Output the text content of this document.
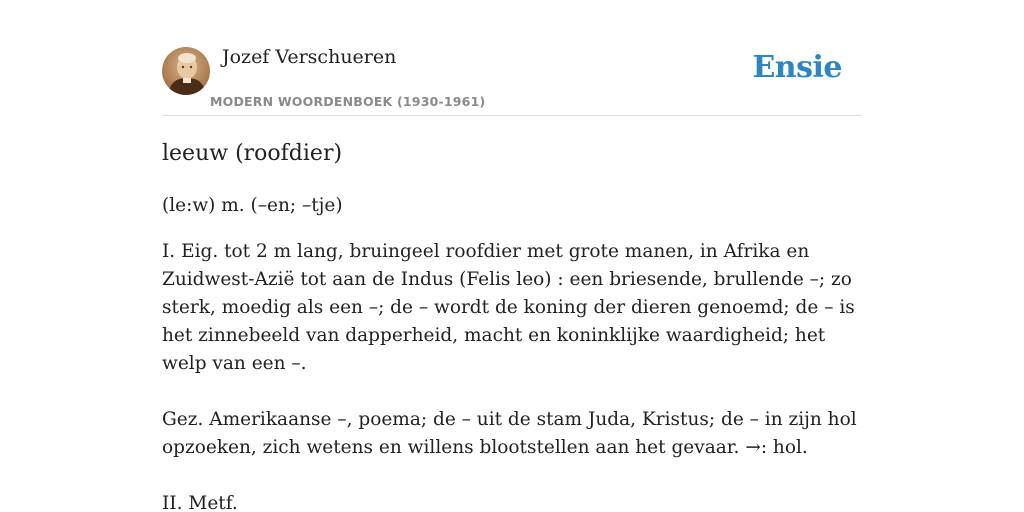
Jozef Verschueren
MODERN WOORDENBOEK (1930-1961)
Ensie
leeuw (roofdier)
(le:w) m. (–en; –tje)

I. Eig. tot 2 m lang, bruingeel roofdier met grote manen, in Afrika en Zuidwest-Azië tot aan de Indus (Felis leo) : een briesende, brullende –; zo sterk, moedig als een –; de – wordt de koning der dieren genoemd; de – is het zinnebeeld van dapperheid, macht en koninklijke waardigheid; het welp van een –.

Gez. Amerikaanse –, poema; de – uit de stam Juda, Kristus; de – in zijn hol opzoeken, zich wetens en willens blootstellen aan het gevaar. →: hol.

II. Metf.
